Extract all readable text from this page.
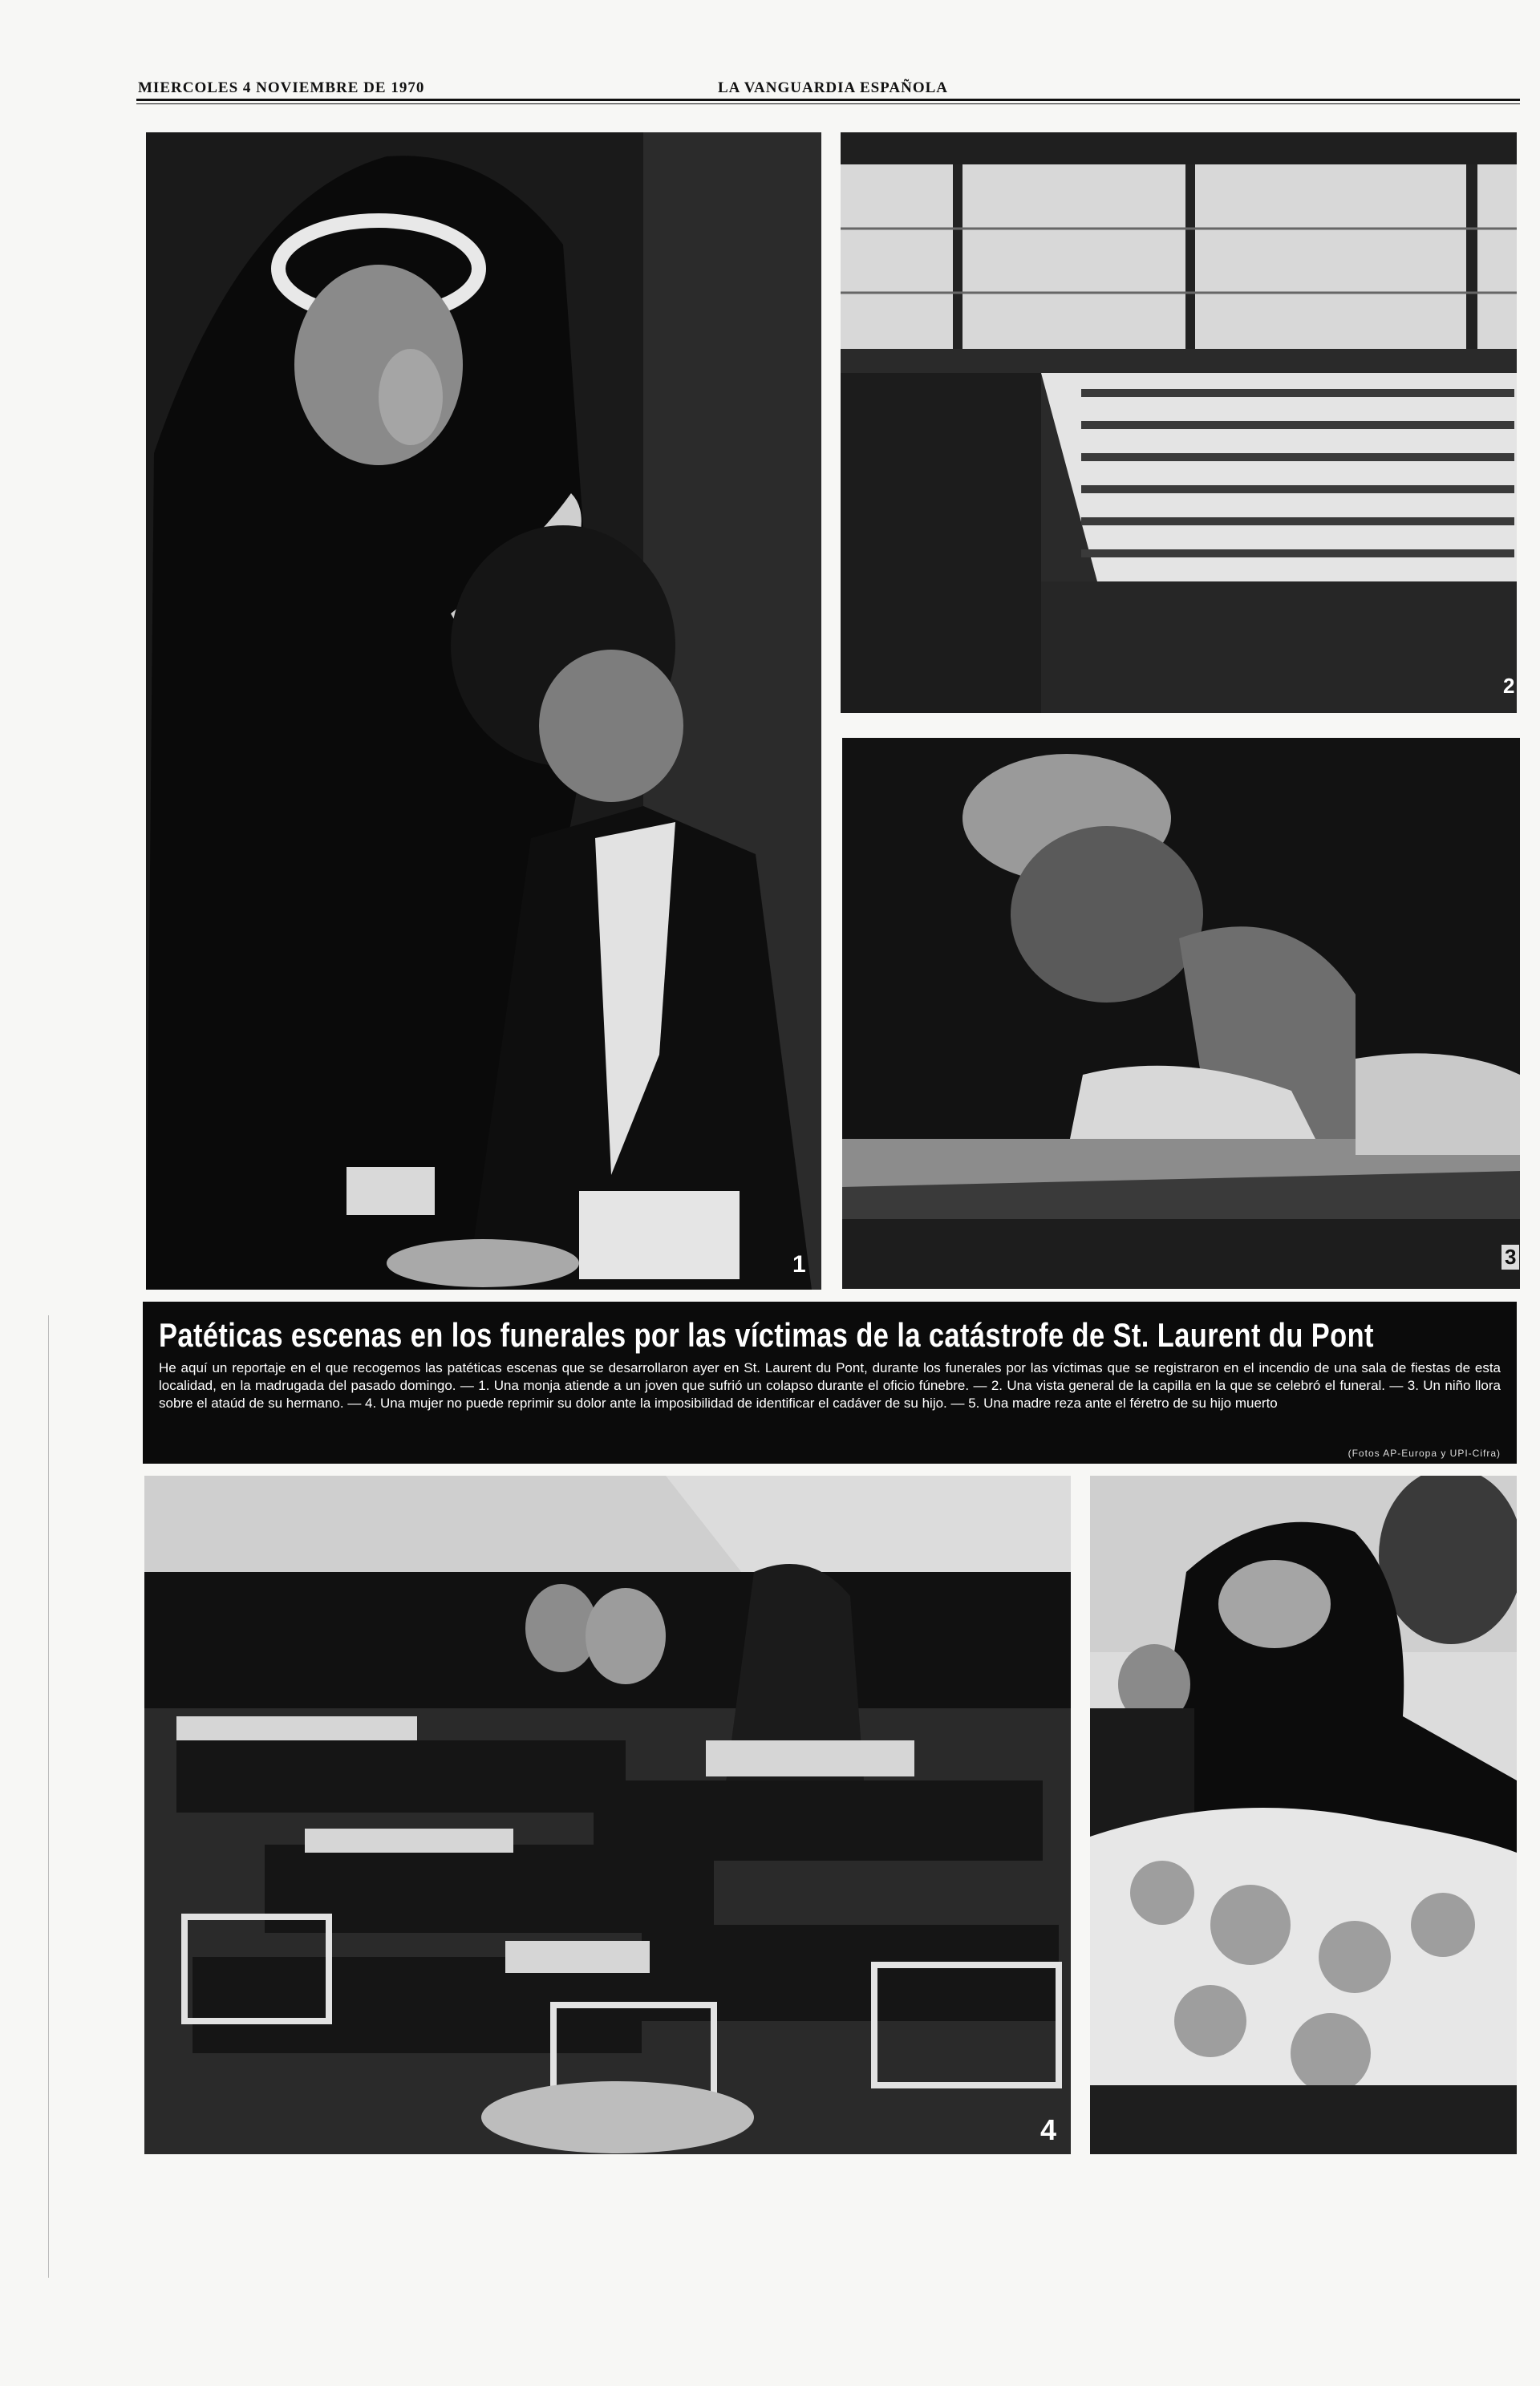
MIERCOLES 4 NOVIEMBRE DE 1970	LA VANGUARDIA ESPAÑOLA
1
2
3
Patéticas escenas en los funerales por las víctimas de la catástrofe de St. Laurent du Pont

He aquí un reportaje en el que recogemos las patéticas escenas que se desarrollaron ayer en St. Laurent du Pont, durante los funerales por las víctimas que se registraron en el incendio de una sala de fiestas de esta localidad, en la madrugada del pasado domingo. — 1. Una monja atiende a un joven que sufrió un colapso durante el oficio fúnebre. — 2. Una vista general de la capilla en la que se celebró el funeral. — 3. Un niño llora sobre el ataúd de su hermano. — 4. Una mujer no puede reprimir su dolor ante la imposibilidad de identificar el cadáver de su hijo. — 5. Una madre reza ante el féretro de su hijo muerto

(Fotos AP-Europa y UPI-Cifra)
4
